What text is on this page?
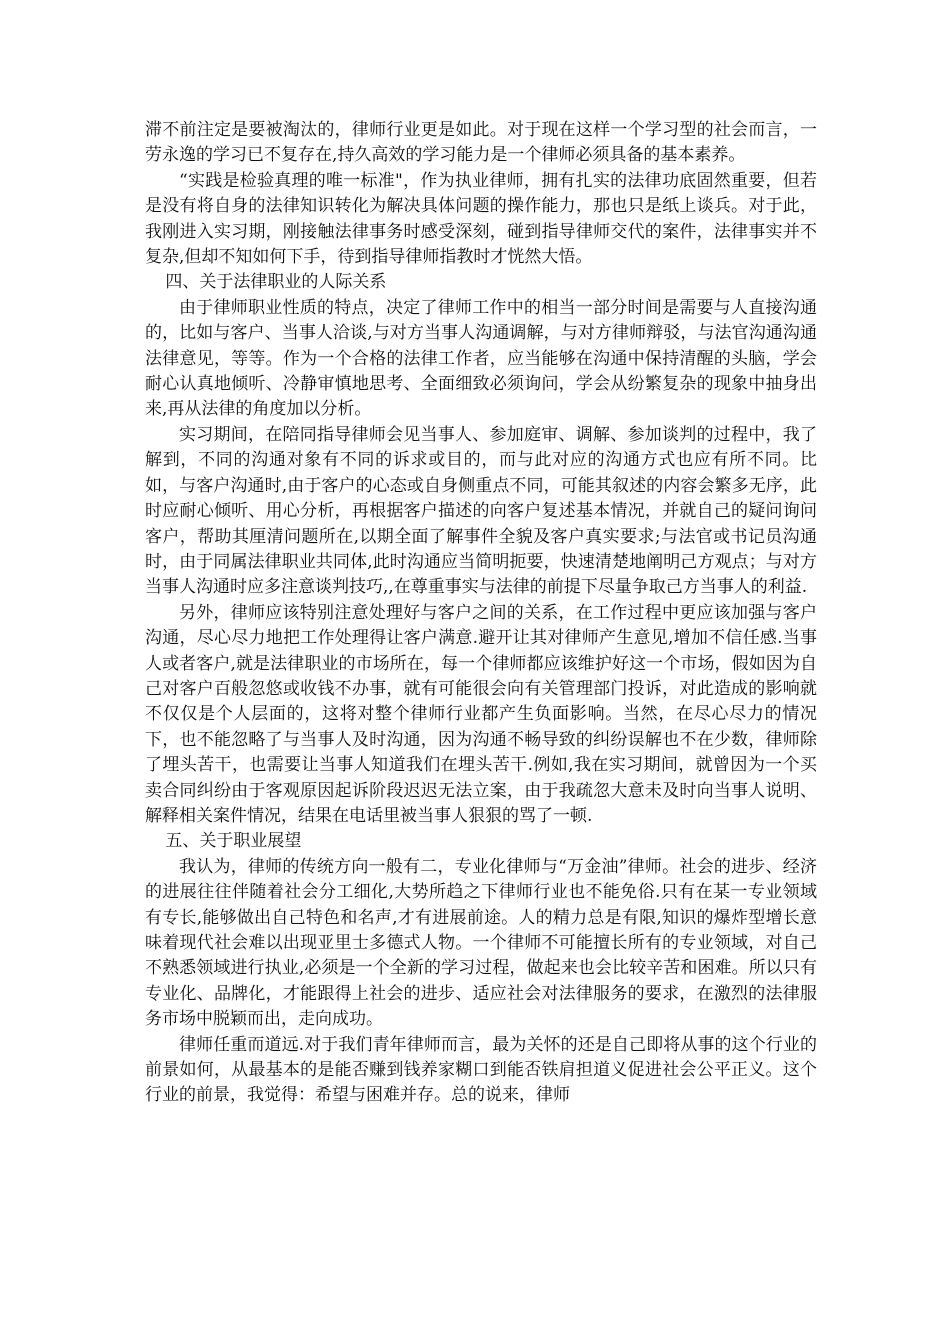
滞不前注定是要被淘汰的，律师行业更是如此。对于现在这样一个学习型的社会而言，一劳永逸的学习已不复存在,持久高效的学习能力是一个律师必须具备的基本素养。

“实践是检验真理的唯一标准"，作为执业律师，拥有扎实的法律功底固然重要，但若是没有将自身的法律知识转化为解决具体问题的操作能力，那也只是纸上谈兵。对于此，我刚进入实习期，刚接触法律事务时感受深刻，碰到指导律师交代的案件，法律事实并不复杂,但却不知如何下手，待到指导律师指教时才恍然大悟。

四、关于法律职业的人际关系

由于律师职业性质的特点，决定了律师工作中的相当一部分时间是需要与人直接沟通的，比如与客户、当事人洽谈,与对方当事人沟通调解，与对方律师辩驳，与法官沟通沟通法律意见，等等。作为一个合格的法律工作者，应当能够在沟通中保持清醒的头脑，学会耐心认真地倾听、冷静审慎地思考、全面细致必须询问，学会从纷繁复杂的现象中抽身出来,再从法律的角度加以分析。

实习期间，在陪同指导律师会见当事人、参加庭审、调解、参加谈判的过程中，我了解到，不同的沟通对象有不同的诉求或目的，而与此对应的沟通方式也应有所不同。比如，与客户沟通时,由于客户的心态或自身侧重点不同，可能其叙述的内容会繁多无序，此时应耐心倾听、用心分析，再根据客户描述的向客户复述基本情况，并就自己的疑问询问客户，帮助其厘清问题所在,以期全面了解事件全貌及客户真实要求;与法官或书记员沟通时，由于同属法律职业共同体,此时沟通应当简明扼要，快速清楚地阐明己方观点；与对方当事人沟通时应多注意谈判技巧,,在尊重事实与法律的前提下尽量争取己方当事人的利益.

另外，律师应该特别注意处理好与客户之间的关系，在工作过程中更应该加强与客户沟通，尽心尽力地把工作处理得让客户满意.避开让其对律师产生意见,增加不信任感.当事人或者客户,就是法律职业的市场所在，每一个律师都应该维护好这一个市场，假如因为自己对客户百般忽悠或收钱不办事，就有可能很会向有关管理部门投诉，对此造成的影响就不仅仅是个人层面的，这将对整个律师行业都产生负面影响。当然，在尽心尽力的情况下，也不能忽略了与当事人及时沟通，因为沟通不畅导致的纠纷误解也不在少数，律师除了埋头苦干，也需要让当事人知道我们在埋头苦干.例如,我在实习期间，就曾因为一个买卖合同纠纷由于客观原因起诉阶段迟迟无法立案，由于我疏忽大意未及时向当事人说明、解释相关案件情况，结果在电话里被当事人狠狠的骂了一顿.

五、关于职业展望

我认为，律师的传统方向一般有二，专业化律师与“万金油”律师。社会的进步、经济的进展往往伴随着社会分工细化,大势所趋之下律师行业也不能免俗.只有在某一专业领域有专长,能够做出自己特色和名声,才有进展前途。人的精力总是有限,知识的爆炸型增长意味着现代社会难以出现亚里士多德式人物。一个律师不可能擅长所有的专业领域，对自己不熟悉领域进行执业,必须是一个全新的学习过程，做起来也会比较辛苦和困难。所以只有专业化、品牌化，才能跟得上社会的进步、适应社会对法律服务的要求，在激烈的法律服务市场中脱颖而出，走向成功。

律师任重而道远.对于我们青年律师而言，最为关怀的还是自己即将从事的这个行业的前景如何，从最基本的是能否赚到钱养家糊口到能否铁肩担道义促进社会公平正义。这个行业的前景，我觉得：希望与困难并存。总的说来，律师
